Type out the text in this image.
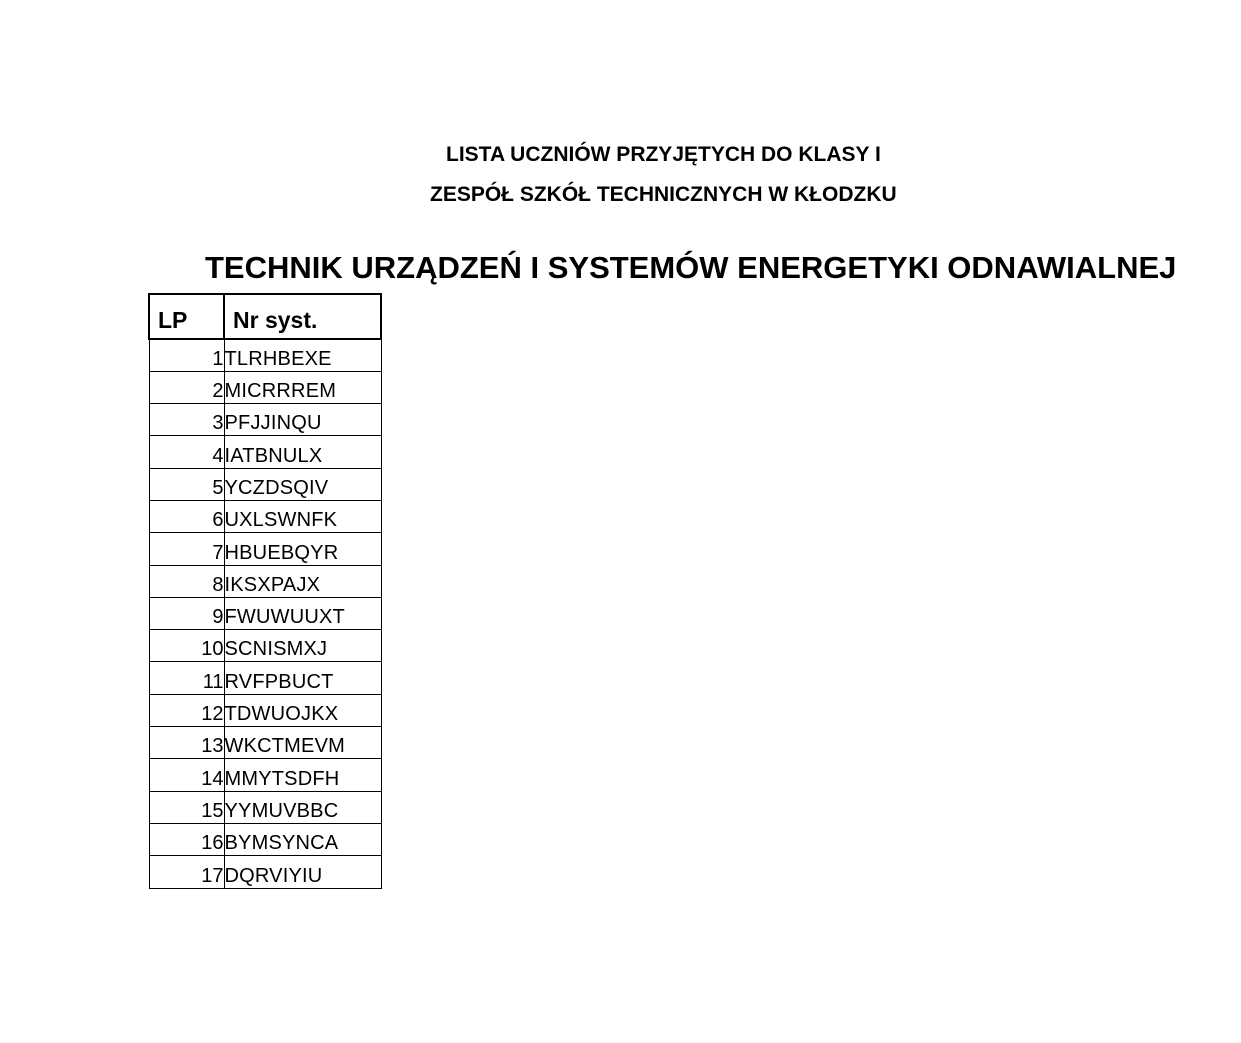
LISTA UCZNIÓW PRZYJĘTYCH DO KLASY I
ZESPÓŁ SZKÓŁ TECHNICZNYCH W KŁODZKU
TECHNIK URZĄDZEŃ I SYSTEMÓW ENERGETYKI ODNAWIALNEJ
LP	Nr syst.
1	TLRHBEXE
2	MICRRREM
3	PFJJINQU
4	IATBNULX
5	YCZDSQIV
6	UXLSWNFK
7	HBUEBQYR
8	IKSXPAJX
9	FWUWUUXT
10	SCNISMXJ
11	RVFPBUCT
12	TDWUOJKX
13	WKCTMEVM
14	MMYTSDFH
15	YYMUVBBC
16	BYMSYNCA
17	DQRVIYIU
